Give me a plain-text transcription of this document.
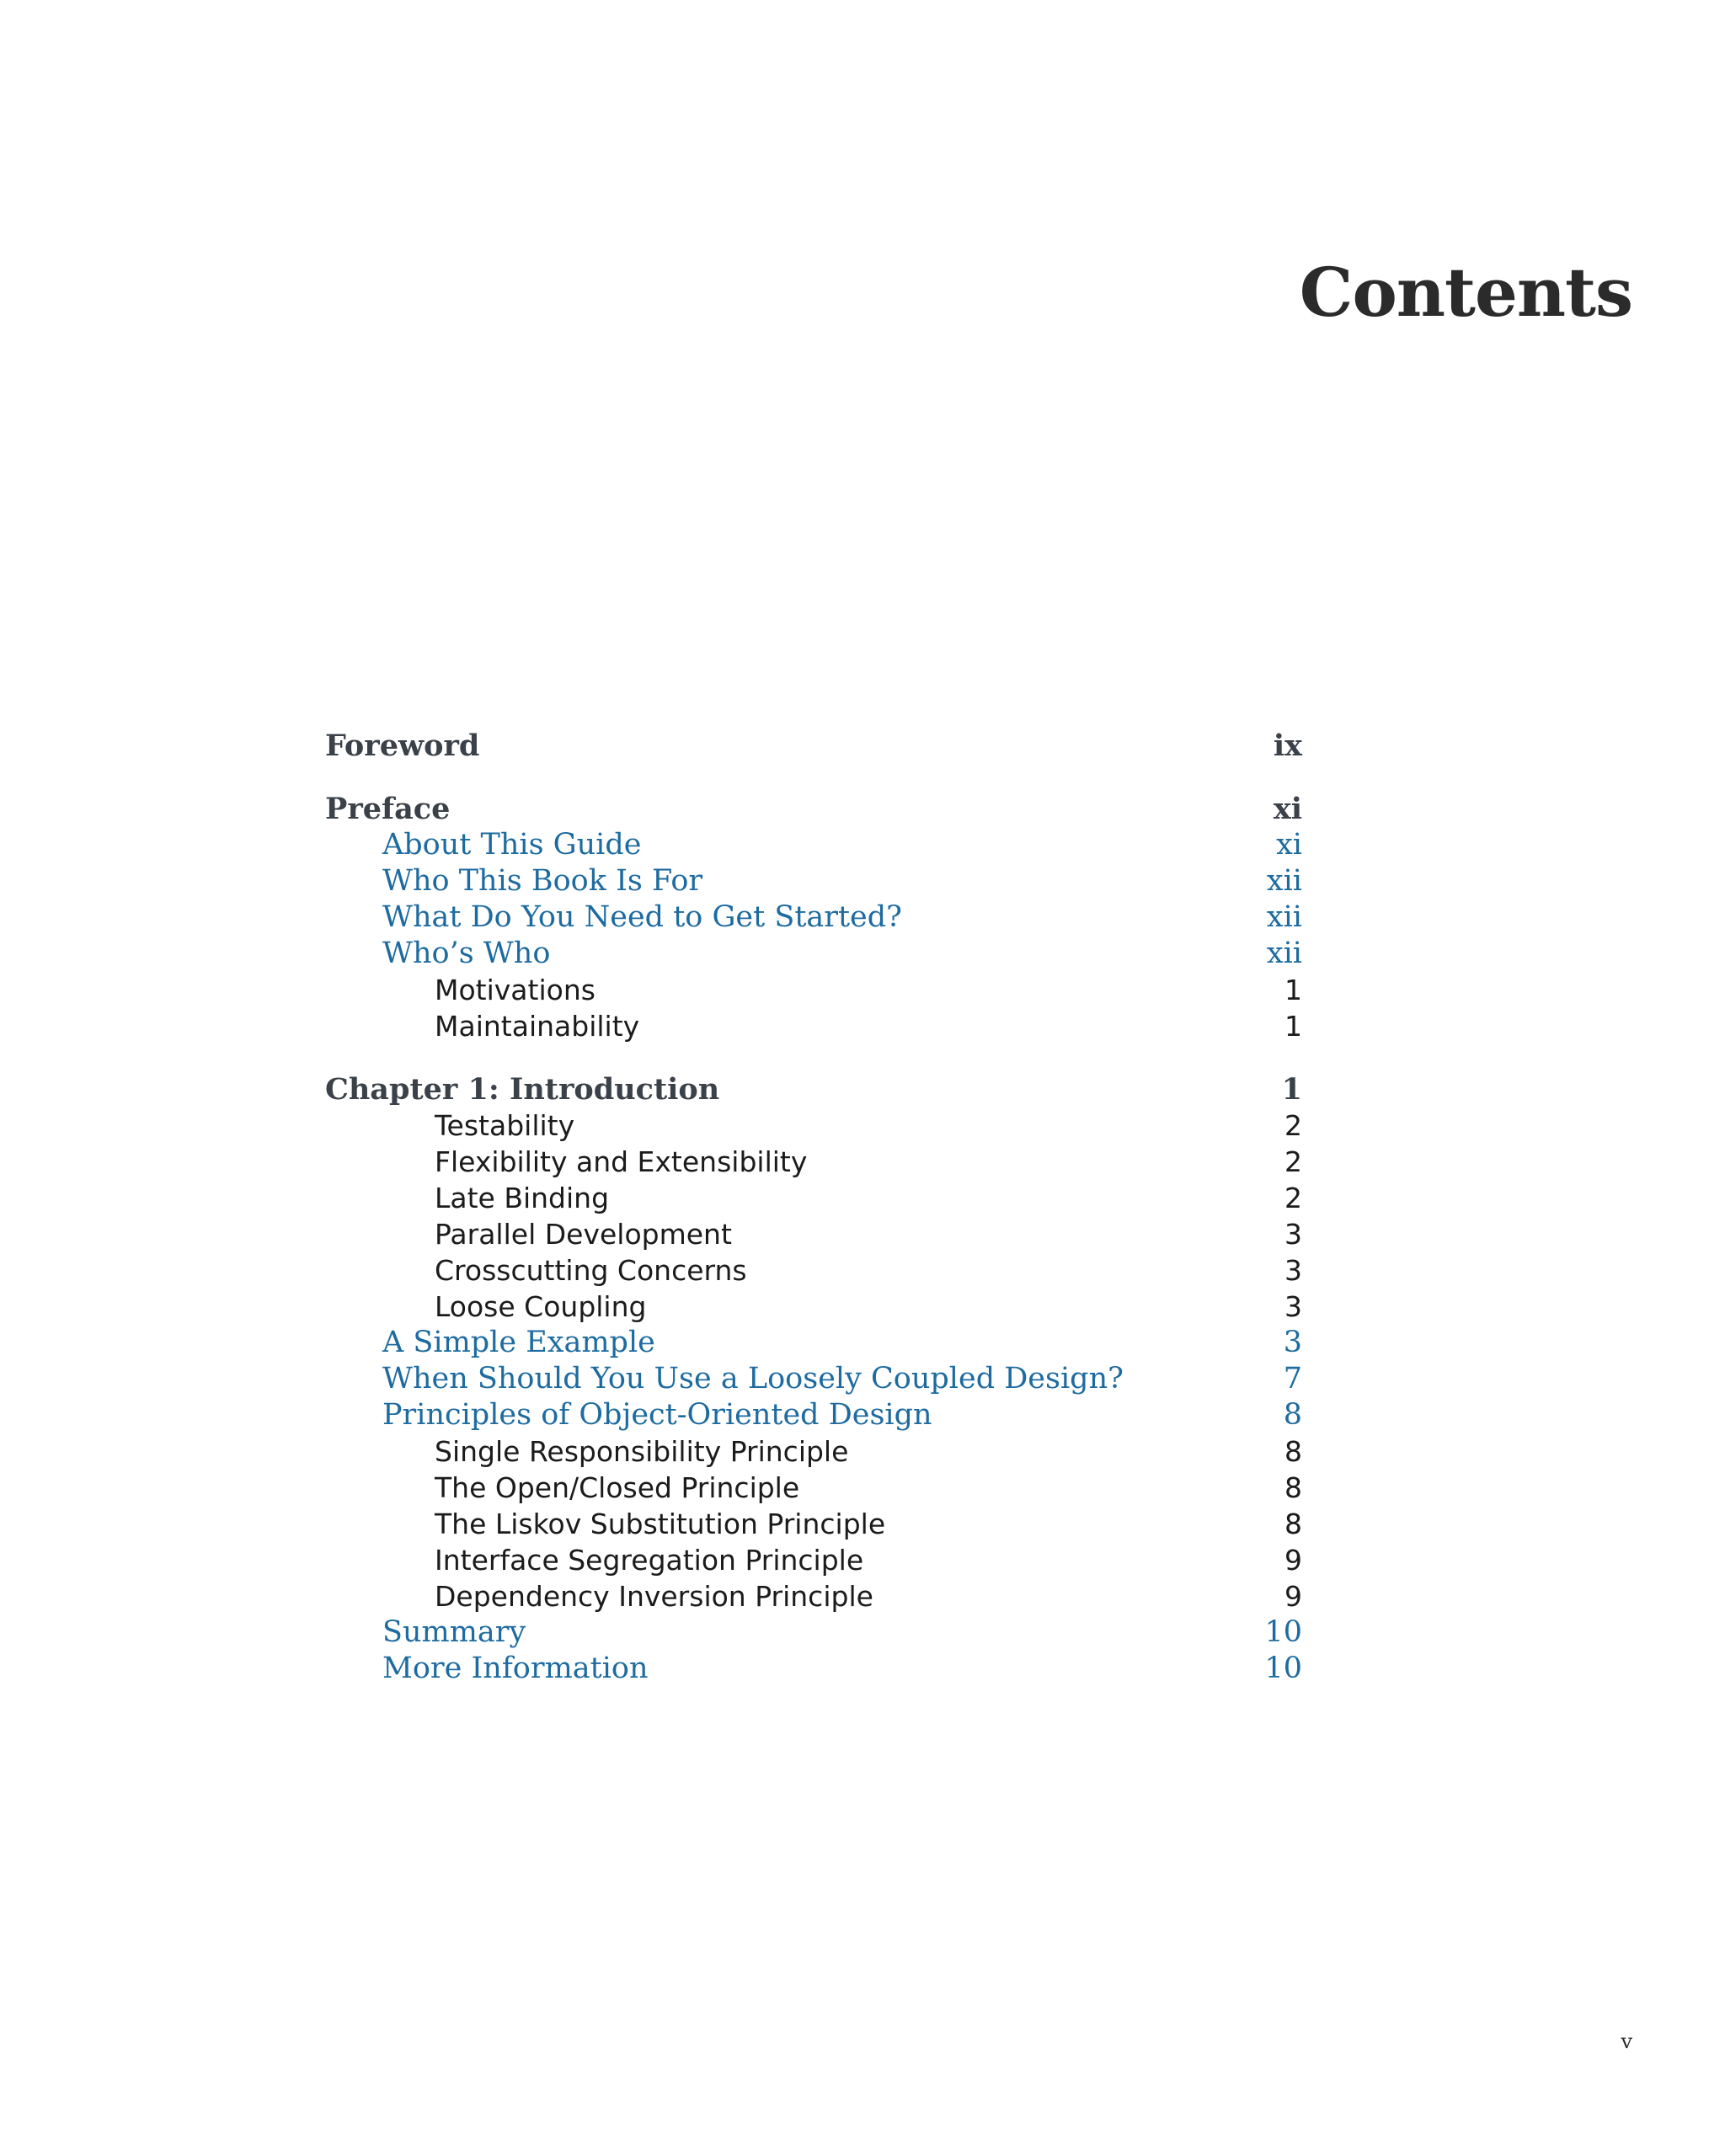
Contents
Foreword	ix
Preface	xi
About This Guide	xi
Who This Book Is For	xii
What Do You Need to Get Started?	xii
Who’s Who	xii
Motivations	1
Maintainability	1
Chapter 1: Introduction	1
Testability	2
Flexibility and Extensibility	2
Late Binding	2
Parallel Development	3
Crosscutting Concerns	3
Loose Coupling	3
A Simple Example	3
When Should You Use a Loosely Coupled Design?	7
Principles of Object-Oriented Design	8
Single Responsibility Principle	8
The Open/Closed Principle	8
The Liskov Substitution Principle	8
Interface Segregation Principle	9
Dependency Inversion Principle	9
Summary	10
More Information	10
v
